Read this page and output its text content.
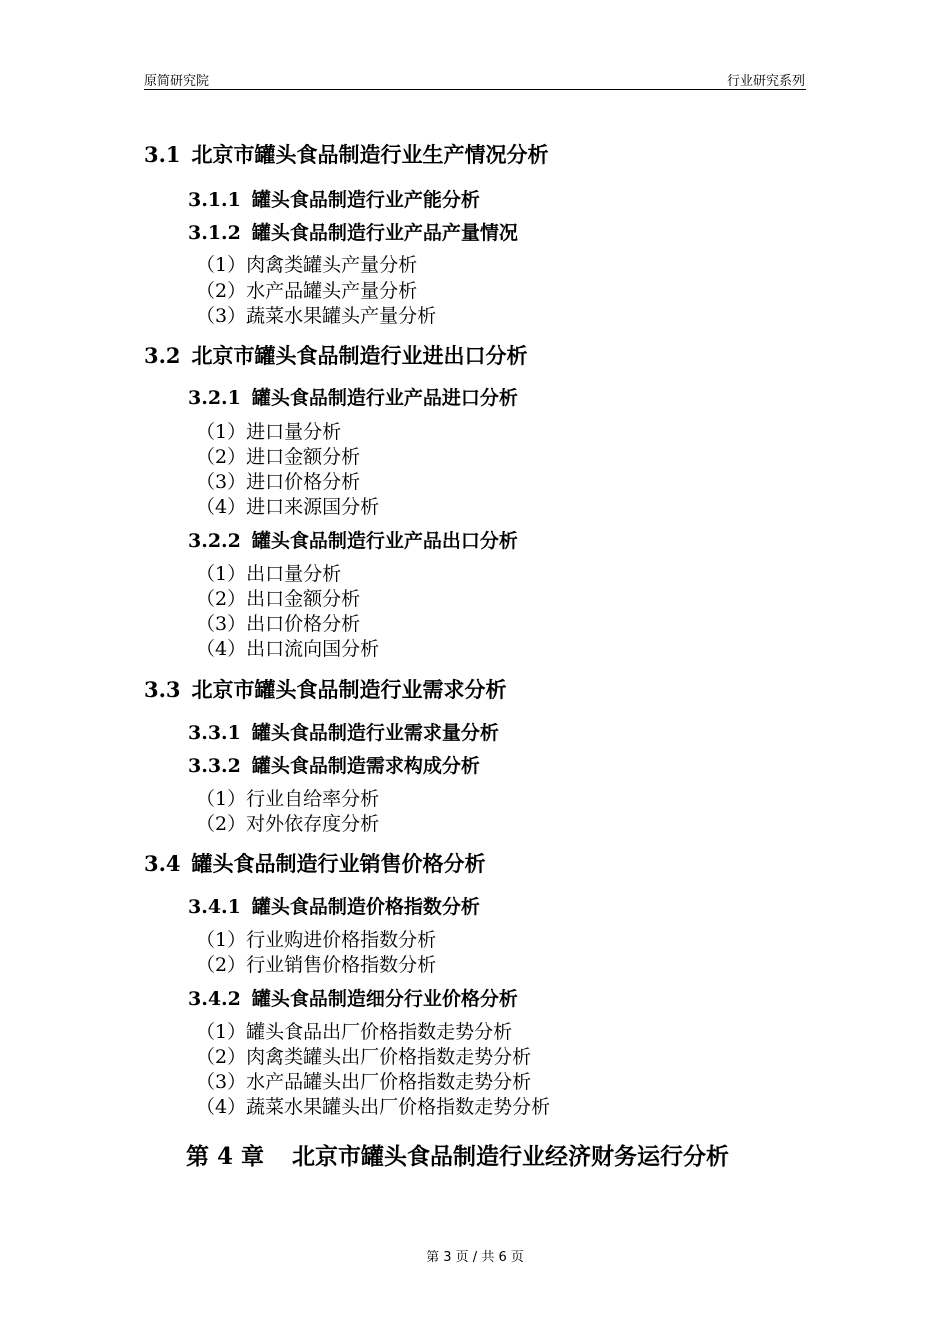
原简研究院	行业研究系列
3.1 北京市罐头食品制造行业生产情况分析
3.1.1 罐头食品制造行业产能分析
3.1.2 罐头食品制造行业产品产量情况
（1）肉禽类罐头产量分析
（2）水产品罐头产量分析
（3）蔬菜水果罐头产量分析
3.2 北京市罐头食品制造行业进出口分析
3.2.1 罐头食品制造行业产品进口分析
（1）进口量分析
（2）进口金额分析
（3）进口价格分析
（4）进口来源国分析
3.2.2 罐头食品制造行业产品出口分析
（1）出口量分析
（2）出口金额分析
（3）出口价格分析
（4）出口流向国分析
3.3 北京市罐头食品制造行业需求分析
3.3.1 罐头食品制造行业需求量分析
3.3.2 罐头食品制造需求构成分析
（1）行业自给率分析
（2）对外依存度分析
3.4 罐头食品制造行业销售价格分析
3.4.1 罐头食品制造价格指数分析
（1）行业购进价格指数分析
（2）行业销售价格指数分析
3.4.2 罐头食品制造细分行业价格分析
（1）罐头食品出厂价格指数走势分析
（2）肉禽类罐头出厂价格指数走势分析
（3）水产品罐头出厂价格指数走势分析
（4）蔬菜水果罐头出厂价格指数走势分析
第 4 章 北京市罐头食品制造行业经济财务运行分析
第 3 页 / 共 6 页
